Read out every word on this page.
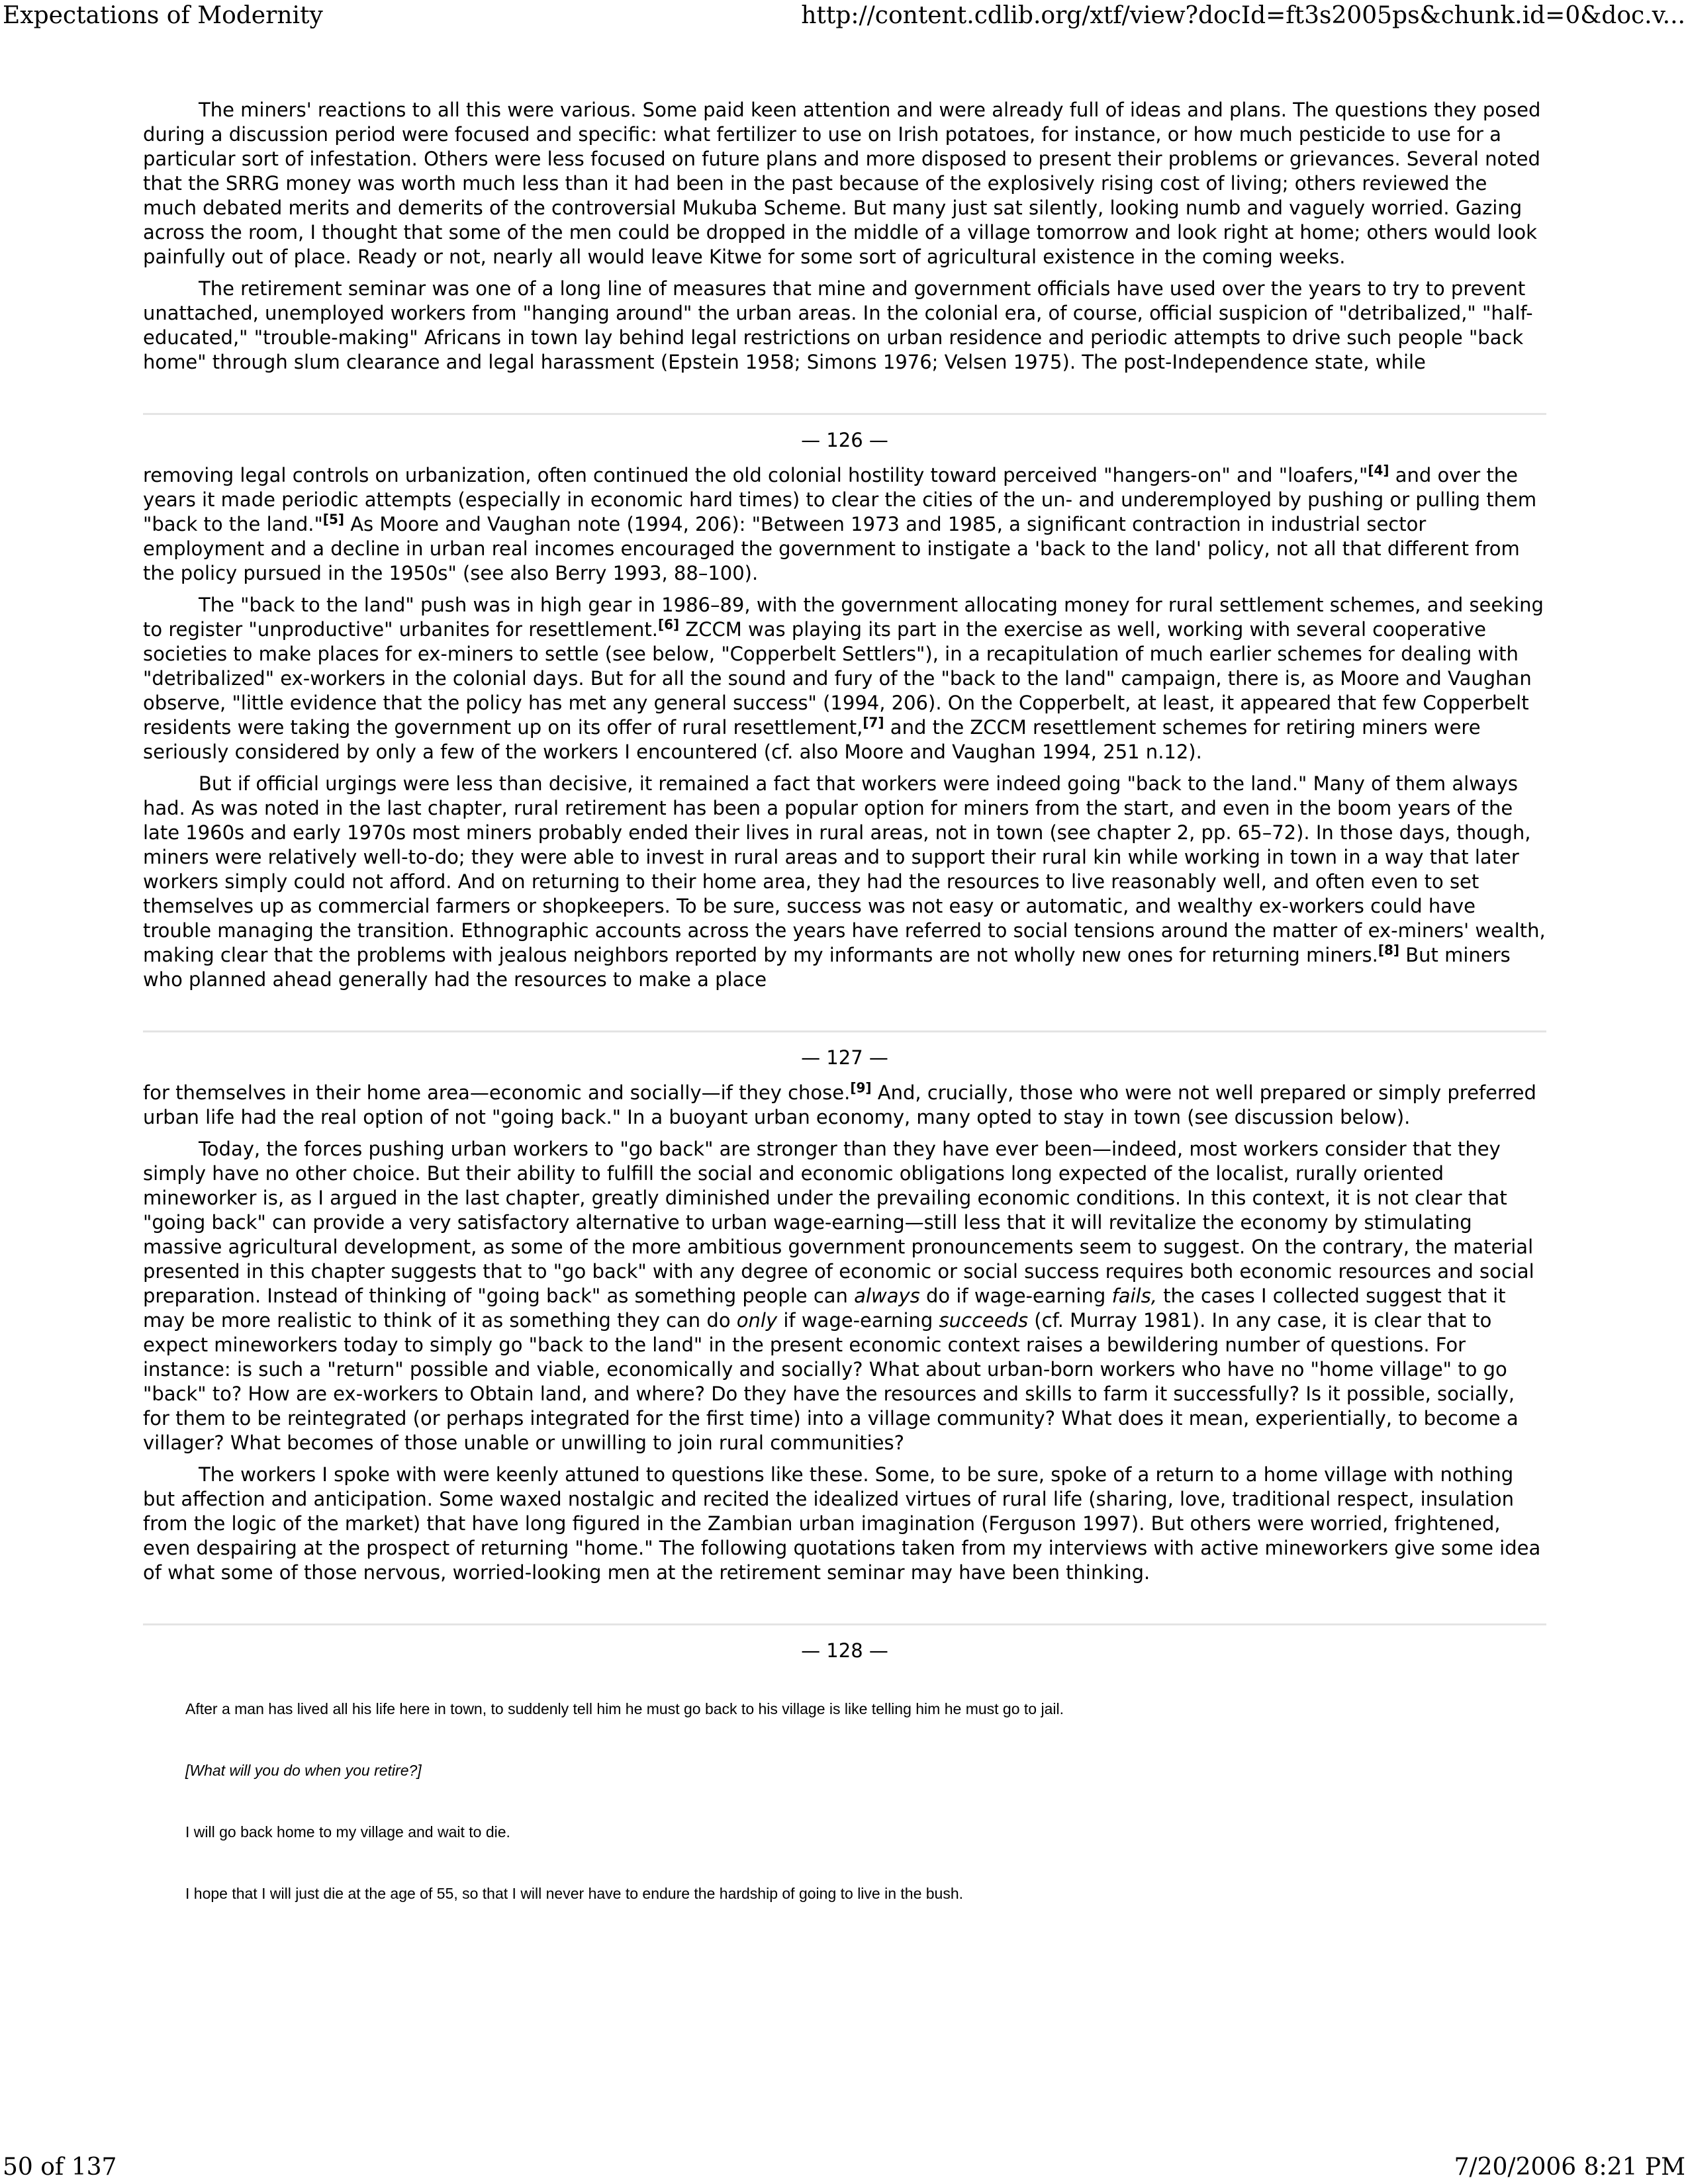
Expectations of Modernity	http://content.cdlib.org/xtf/view?docId=ft3s2005ps&chunk.id=0&doc.v...

The miners' reactions to all this were various. Some paid keen attention and were already full of ideas and plans. The questions they posed during a discussion period were focused and specific: what fertilizer to use on Irish potatoes, for instance, or how much pesticide to use for a particular sort of infestation. Others were less focused on future plans and more disposed to present their problems or grievances. Several noted that the SRRG money was worth much less than it had been in the past because of the explosively rising cost of living; others reviewed the much debated merits and demerits of the controversial Mukuba Scheme. But many just sat silently, looking numb and vaguely worried. Gazing across the room, I thought that some of the men could be dropped in the middle of a village tomorrow and look right at home; others would look painfully out of place. Ready or not, nearly all would leave Kitwe for some sort of agricultural existence in the coming weeks.

The retirement seminar was one of a long line of measures that mine and government officials have used over the years to try to prevent unattached, unemployed workers from "hanging around" the urban areas. In the colonial era, of course, official suspicion of "detribalized," "half-educated," "trouble-making" Africans in town lay behind legal restrictions on urban residence and periodic attempts to drive such people "back home" through slum clearance and legal harassment (Epstein 1958; Simons 1976; Velsen 1975). The post-Independence state, while

— 126 —

removing legal controls on urbanization, often continued the old colonial hostility toward perceived "hangers-on" and "loafers,"[4] and over the years it made periodic attempts (especially in economic hard times) to clear the cities of the un- and underemployed by pushing or pulling them "back to the land."[5] As Moore and Vaughan note (1994, 206): "Between 1973 and 1985, a significant contraction in industrial sector employment and a decline in urban real incomes encouraged the government to instigate a 'back to the land' policy, not all that different from the policy pursued in the 1950s" (see also Berry 1993, 88–100).

The "back to the land" push was in high gear in 1986–89, with the government allocating money for rural settlement schemes, and seeking to register "unproductive" urbanites for resettlement.[6] ZCCM was playing its part in the exercise as well, working with several cooperative societies to make places for ex-miners to settle (see below, "Copperbelt Settlers"), in a recapitulation of much earlier schemes for dealing with "detribalized" ex-workers in the colonial days. But for all the sound and fury of the "back to the land" campaign, there is, as Moore and Vaughan observe, "little evidence that the policy has met any general success" (1994, 206). On the Copperbelt, at least, it appeared that few Copperbelt residents were taking the government up on its offer of rural resettlement,[7] and the ZCCM resettlement schemes for retiring miners were seriously considered by only a few of the workers I encountered (cf. also Moore and Vaughan 1994, 251 n.12).

But if official urgings were less than decisive, it remained a fact that workers were indeed going "back to the land." Many of them always had. As was noted in the last chapter, rural retirement has been a popular option for miners from the start, and even in the boom years of the late 1960s and early 1970s most miners probably ended their lives in rural areas, not in town (see chapter 2, pp. 65–72). In those days, though, miners were relatively well-to-do; they were able to invest in rural areas and to support their rural kin while working in town in a way that later workers simply could not afford. And on returning to their home area, they had the resources to live reasonably well, and often even to set themselves up as commercial farmers or shopkeepers. To be sure, success was not easy or automatic, and wealthy ex-workers could have trouble managing the transition. Ethnographic accounts across the years have referred to social tensions around the matter of ex-miners' wealth, making clear that the problems with jealous neighbors reported by my informants are not wholly new ones for returning miners.[8] But miners who planned ahead generally had the resources to make a place

— 127 —

for themselves in their home area—economic and socially—if they chose.[9] And, crucially, those who were not well prepared or simply preferred urban life had the real option of not "going back." In a buoyant urban economy, many opted to stay in town (see discussion below).

Today, the forces pushing urban workers to "go back" are stronger than they have ever been—indeed, most workers consider that they simply have no other choice. But their ability to fulfill the social and economic obligations long expected of the localist, rurally oriented mineworker is, as I argued in the last chapter, greatly diminished under the prevailing economic conditions. In this context, it is not clear that "going back" can provide a very satisfactory alternative to urban wage-earning—still less that it will revitalize the economy by stimulating massive agricultural development, as some of the more ambitious government pronouncements seem to suggest. On the contrary, the material presented in this chapter suggests that to "go back" with any degree of economic or social success requires both economic resources and social preparation. Instead of thinking of "going back" as something people can always do if wage-earning fails, the cases I collected suggest that it may be more realistic to think of it as something they can do only if wage-earning succeeds (cf. Murray 1981). In any case, it is clear that to expect mineworkers today to simply go "back to the land" in the present economic context raises a bewildering number of questions. For instance: is such a "return" possible and viable, economically and socially? What about urban-born workers who have no "home village" to go "back" to? How are ex-workers to Obtain land, and where? Do they have the resources and skills to farm it successfully? Is it possible, socially, for them to be reintegrated (or perhaps integrated for the first time) into a village community? What does it mean, experientially, to become a villager? What becomes of those unable or unwilling to join rural communities?

The workers I spoke with were keenly attuned to questions like these. Some, to be sure, spoke of a return to a home village with nothing but affection and anticipation. Some waxed nostalgic and recited the idealized virtues of rural life (sharing, love, traditional respect, insulation from the logic of the market) that have long figured in the Zambian urban imagination (Ferguson 1997). But others were worried, frightened, even despairing at the prospect of returning "home." The following quotations taken from my interviews with active mineworkers give some idea of what some of those nervous, worried-looking men at the retirement seminar may have been thinking.

— 128 —

After a man has lived all his life here in town, to suddenly tell him he must go back to his village is like telling him he must go to jail.

[What will you do when you retire?]

I will go back home to my village and wait to die.

I hope that I will just die at the age of 55, so that I will never have to endure the hardship of going to live in the bush.

50 of 137	7/20/2006 8:21 PM
